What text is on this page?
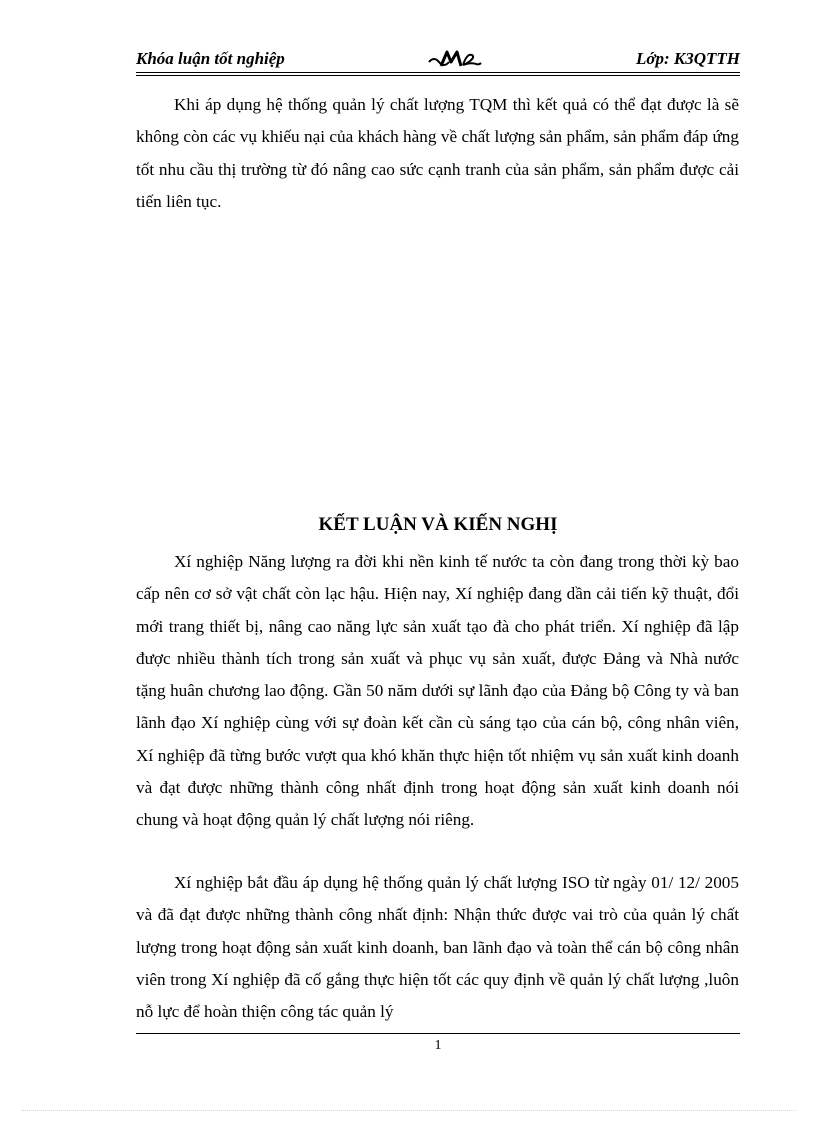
Khóa luận tốt nghiệp	Lớp: K3QTTH

Khi áp dụng hệ thống quản lý chất lượng TQM thì kết quả có thể đạt được là sẽ không còn các vụ khiếu nại của khách hàng về chất lượng sản phẩm, sản phẩm đáp ứng tốt nhu cầu thị trường từ đó nâng cao sức cạnh tranh của sản phẩm, sản phẩm được cải tiến liên tục.

KẾT LUẬN VÀ KIẾN NGHỊ

Xí nghiệp Năng lượng ra đời khi nền kinh tế nước ta còn đang trong thời kỳ bao cấp nên cơ sở vật chất còn lạc hậu. Hiện nay, Xí nghiệp đang dần cải tiến kỹ thuật, đổi mới trang thiết bị, nâng cao năng lực sản xuất tạo đà cho phát triển. Xí nghiệp đã lập được nhiều thành tích trong sản xuất và phục vụ sản xuất, được Đảng và Nhà nước tặng huân chương lao động. Gần 50 năm dưới sự lãnh đạo của Đảng bộ Công ty và ban lãnh đạo Xí nghiệp cùng với sự đoàn kết cần cù sáng tạo của cán bộ, công nhân viên, Xí nghiệp đã từng bước vượt qua khó khăn thực hiện tốt nhiệm vụ sản xuất kinh doanh và đạt được những thành công nhất định trong hoạt động sản xuất kinh doanh nói chung và hoạt động quản lý chất lượng nói riêng.

Xí nghiệp bắt đầu áp dụng hệ thống quản lý chất lượng ISO từ ngày 01/ 12/ 2005 và đã đạt được những thành công nhất định: Nhận thức được vai trò của quản lý chất lượng trong hoạt động sản xuất kinh doanh, ban lãnh đạo và toàn thể cán bộ công nhân viên trong Xí nghiệp đã cố gắng thực hiện tốt các quy định về quản lý chất lượng ,luôn nỗ lực để hoàn thiện công tác quản lý

1
